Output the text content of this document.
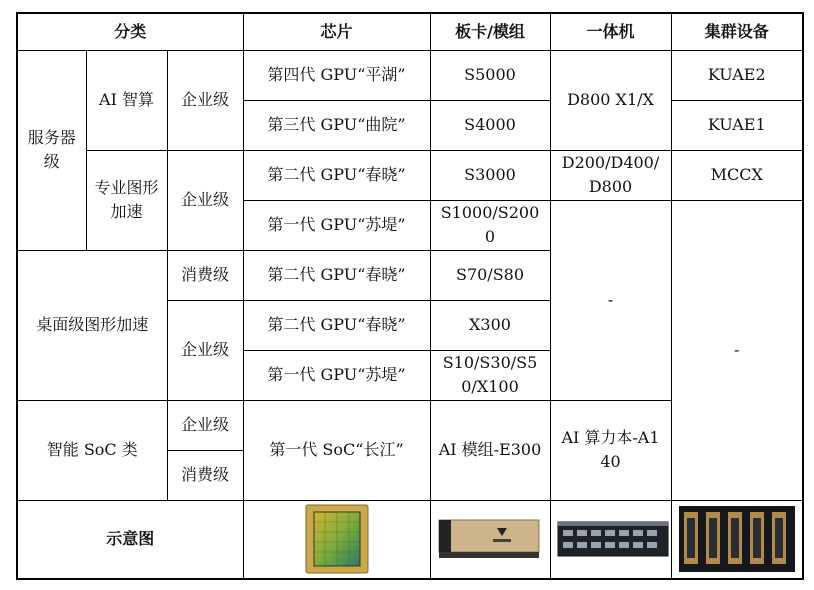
分类			芯片	板卡/模组	一体机	集群设备
服务器级	AI 智算	企业级	第四代 GPU“平湖”	S5000	D800 X1/X	KUAE2
			第三代 GPU“曲院”	S4000		KUAE1
	专业图形加速	企业级	第二代 GPU“春晓”	S3000	D200/D400/D800	MCCX
			第一代 GPU“苏堤”	S1000/S2000	-	-
桌面级图形加速		消费级	第二代 GPU“春晓”	S70/S80		
		企业级	第二代 GPU“春晓”	X300		
			第一代 GPU“苏堤”	S10/S30/S50/X100		
智能 SoC 类		企业级	第一代 SoC“长江”	AI 模组-E300	AI 算力本-A140	
		消费级				
示意图	
